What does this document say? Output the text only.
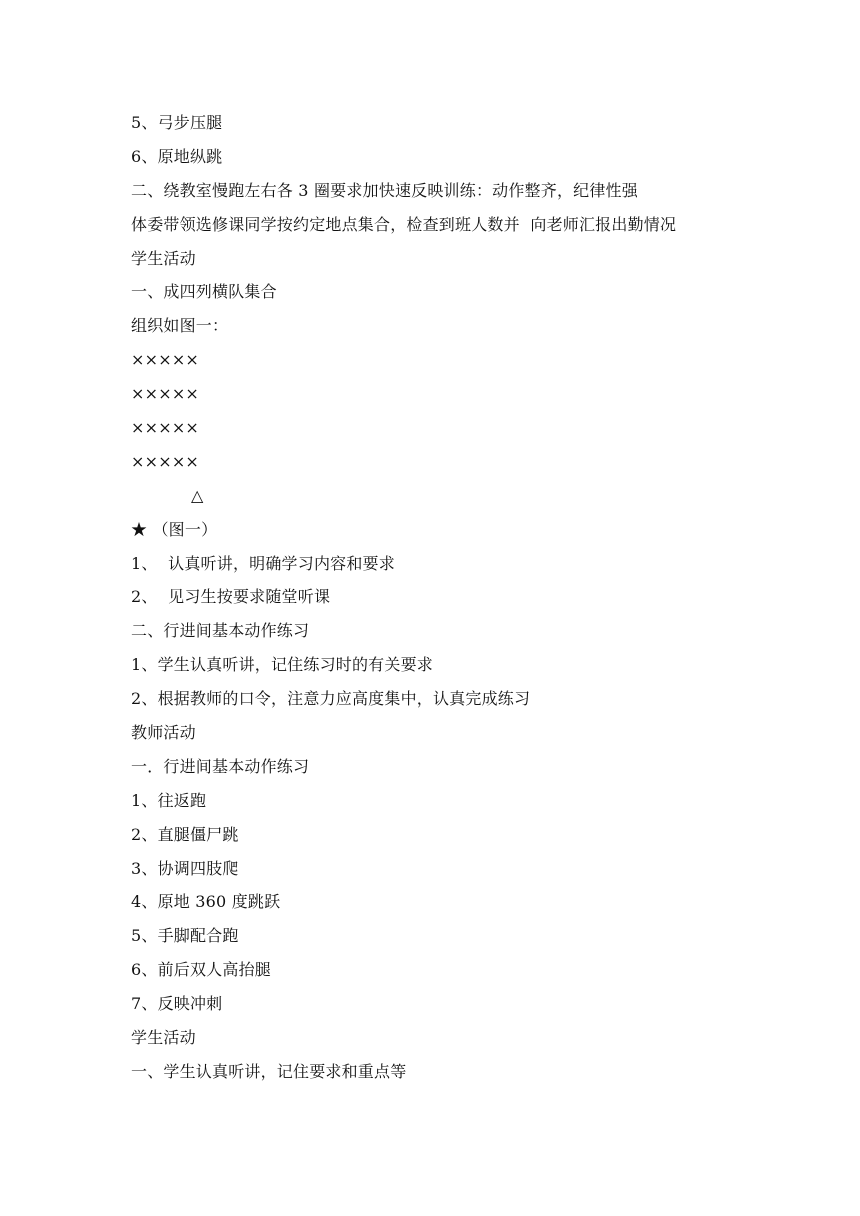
5、弓步压腿
6、原地纵跳
二、绕教室慢跑左右各 3 圈要求加快速反映训练：动作整齐，纪律性强
体委带领选修课同学按约定地点集合，检查到班人数并  向老师汇报出勤情况
学生活动
一、成四列横队集合
组织如图一：
×××××
×××××
×××××
×××××
△
★ （图一）
1、  认真听讲，明确学习内容和要求
2、  见习生按要求随堂听课
二、行进间基本动作练习
1、学生认真听讲，记住练习时的有关要求
2、根据教师的口令，注意力应高度集中，认真完成练习
教师活动
一．行进间基本动作练习
1、往返跑
2、直腿僵尸跳
3、协调四肢爬
4、原地 360 度跳跃
5、手脚配合跑
6、前后双人高抬腿
7、反映冲刺
学生活动
一、学生认真听讲，记住要求和重点等
